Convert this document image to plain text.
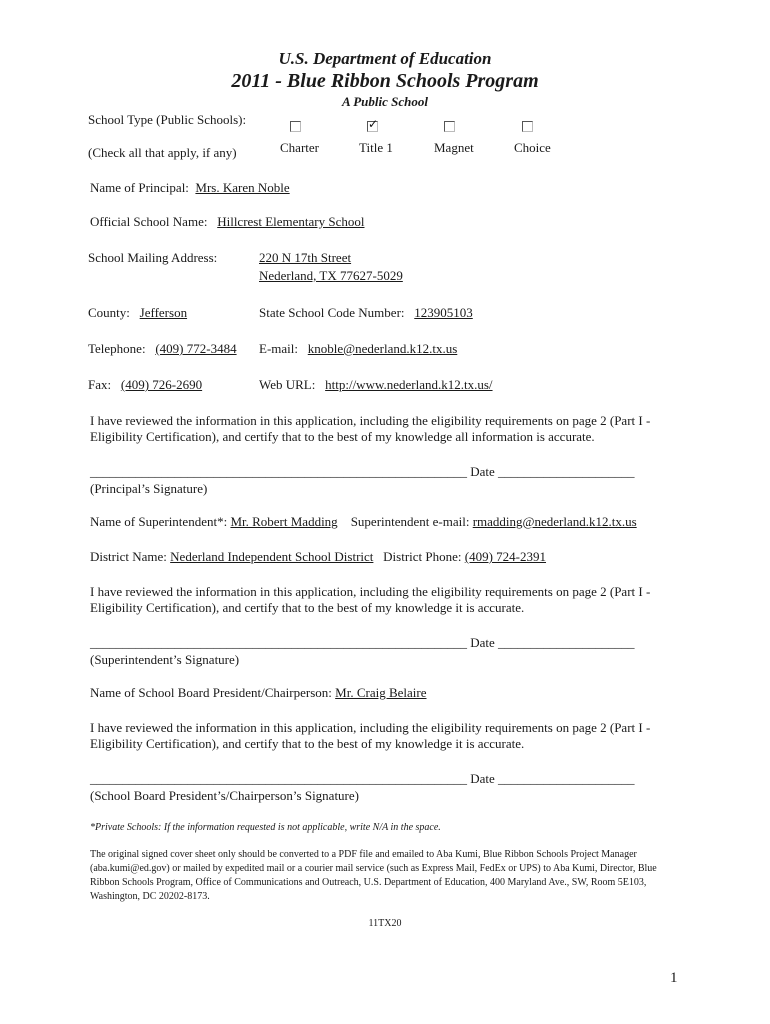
U.S. Department of Education
2011 - Blue Ribbon Schools Program
A Public School
School Type (Public Schools):
(Check all that apply, if any)
✓
Charter	Title 1	Magnet	Choice
Name of Principal: Mrs. Karen Noble
Official School Name: Hillcrest Elementary School
School Mailing Address:	220 N 17th Street
Nederland, TX 77627-5029
County: Jefferson	State School Code Number: 123905103
Telephone: (409) 772-3484 E-mail: knoble@nederland.k12.tx.us
Fax: (409) 726-2690	Web URL: http://www.nederland.k12.tx.us/
I have reviewed the information in this application, including the eligibility requirements on page 2 (Part I - Eligibility Certification), and certify that to the best of my knowledge all information is accurate.
__________________________________________________________ Date _____________________
(Principal’s Signature)
Name of Superintendent*: Mr. Robert Madding Superintendent e-mail: rmadding@nederland.k12.tx.us
District Name: Nederland Independent School District District Phone: (409) 724-2391
I have reviewed the information in this application, including the eligibility requirements on page 2 (Part I - Eligibility Certification), and certify that to the best of my knowledge it is accurate.
__________________________________________________________ Date _____________________
(Superintendent’s Signature)
Name of School Board President/Chairperson: Mr. Craig Belaire
I have reviewed the information in this application, including the eligibility requirements on page 2 (Part I - Eligibility Certification), and certify that to the best of my knowledge it is accurate.
__________________________________________________________ Date _____________________
(School Board President’s/Chairperson’s Signature)
*Private Schools: If the information requested is not applicable, write N/A in the space.
The original signed cover sheet only should be converted to a PDF file and emailed to Aba Kumi, Blue Ribbon Schools Project Manager (aba.kumi@ed.gov) or mailed by expedited mail or a courier mail service (such as Express Mail, FedEx or UPS) to Aba Kumi, Director, Blue Ribbon Schools Program, Office of Communications and Outreach, U.S. Department of Education, 400 Maryland Ave., SW, Room 5E103, Washington, DC 20202-8173.
11TX20
1
